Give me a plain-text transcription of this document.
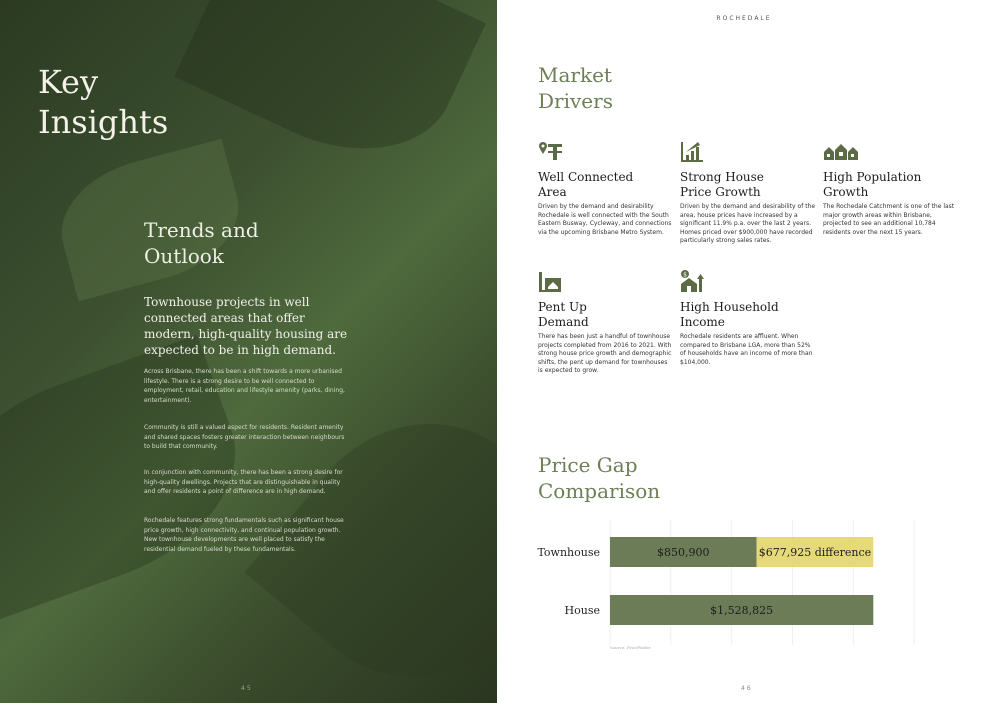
Key
Insights
Trends and
Outlook

Townhouse projects in well connected areas that offer modern, high-quality housing are expected to be in high demand.

Across Brisbane, there has been a shift towards a more urbanised lifestyle. There is a strong desire to be well connected to employment, retail, education and lifestyle amenity (parks, dining, entertainment).

Community is still a valued aspect for residents. Resident amenity and shared spaces fosters greater interaction between neighbours to build that community.

In conjunction with community, there has been a strong desire for high-quality dwellings. Projects that are distinguishable in quality and offer residents a point of difference are in high demand.

Rochedale features strong fundamentals such as significant house price growth, high connectivity, and continual population growth. New townhouse developments are well placed to satisfy the residential demand fueled by these fundamentals.

45
ROCHEDALE
Market
Drivers
Well Connected
Area

Driven by the demand and desirability Rochedale is well connected with the South Eastern Busway, Cycleway, and connections via the upcoming Brisbane Metro System.

Strong House
Price Growth

Driven by the demand and desirability of the area, house prices have increased by a significant 11.9% p.a. over the last 2 years. Homes priced over $900,000 have recorded particularly strong sales rates.

High Population
Growth

The Rochedale Catchment is one of the last major growth areas within Brisbane, projected to see an additional 10,784 residents over the next 15 years.

Pent Up
Demand

There has been just a handful of townhouse projects completed from 2016 to 2021. With strong house price growth and demographic shifts, the pent up demand for townhouses is expected to grow.

$
High Household
Income

Rochedale residents are affluent. When compared to Brisbane LGA, more than 52% of households have an income of more than $104,000.

Price Gap
Comparison
Townhouse	$850,900	$677,925 difference
House	$1,528,825
Source: PriceFinder
46
